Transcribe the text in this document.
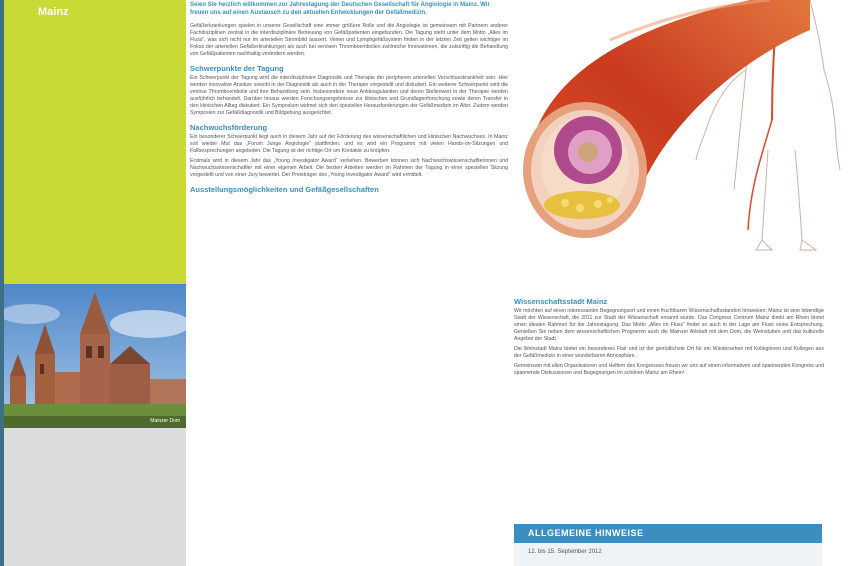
Mainz
Mainzer Dom
Seien Sie herzlich willkommen zur Jahrestagung der Deutschen Gesellschaft für Angiologie in Mainz. Wir freuen uns auf einen Austausch zu den aktuellen Entwicklungen der Gefäßmedizin.
Gefäßerkrankungen spielen in unserer Gesellschaft eine immer größere Rolle und die Angiologie ist gemeinsam mit Partnern anderer Fachdisziplinen zentral in die interdisziplinäre Betreuung von Gefäßpatienten eingebunden. Die Tagung steht unter dem Motto „Alles im Fluss“, was sich nicht nur im arteriellen Strombild äussert. Venen und Lymphgefäßsystem finden in der letzten Zeit gelten wichtiger im Fokus der arteriellen Gefäßerkrankungen als auch bei venösen Thromboembolien zahlreiche Innovationen, die zukünftig die Behandlung von Gefäßpatienten nachhaltig verändern werden.
Schwerpunkte der Tagung
Ein Schwerpunkt der Tagung wird die interdisziplinäre Diagnostik und Therapie der peripheren arteriellen Verschlusskrankheit sein. Hier werden innovative Ansätze sowohl in der Diagnostik als auch in der Therapie vorgestellt und diskutiert. Ein weiterer Schwerpunkt wird die venöse Thromboembolie und ihre Behandlung sein. Insbesondere neue Antikoagulantien und deren Stellenwert in der Therapie werden ausführlich behandelt. Darüber hinaus werden Forschungsergebnisse zur klinischen und Grundlagenforschung sowie deren Transfer in den klinischen Alltag diskutiert. Ein Symposium widmet sich den speziellen Herausforderungen der Gefäßmedizin im Alter. Zudem werden Symposien zur Gefäßdiagnostik und Bildgebung ausgerichtet.
Nachwuchsförderung
Ein besonderer Schwerpunkt liegt auch in diesem Jahr auf der Förderung des wissenschaftlichen und klinischen Nachwuchses. In Mainz soll wieder Mut das „Forum Junge Angiologie“ stattfinden, und es wird ein Programm mit vielen Hands-on-Sitzungen und Fallbesprechungen angeboten. Die Tagung ist der richtige Ort um Kontakte zu knüpfen.
Erstmals wird in diesem Jahr das „Young Investigator Award“ verliehen. Bewerben können sich Nachwuchswissenschaftlerinnen und Nachwuchswissenschaftler mit einer eigenen Arbeit. Die besten Arbeiten werden im Rahmen der Tagung in einer speziellen Sitzung vorgestellt und von einer Jury bewertet. Der Preisträger des „Young Investigator Award“ wird ermittelt.
Ausstellungsmöglichkeiten und Gefäßgesellschaften
Wissenschaftsstadt Mainz
Wir möchten auf einen interessanten Begegnungsort und einen fruchtbaren Wissenschaftsstandort hinweisen: Mainz ist eine lebendige Stadt der Wissenschaft, die 2011 zur Stadt der Wissenschaft ernannt wurde. Das Congress Centrum Mainz direkt am Rhein bietet einen idealen Rahmen für die Jahrestagung. Das Motto „Alles im Fluss“ findet so auch in der Lage am Fluss seine Entsprechung. Genießen Sie neben dem wissenschaftlichen Programm auch die Mainzer Altstadt mit dem Dom, die Weinstuben und das kulturelle Angebot der Stadt.
Die Weinstadt Mainz bietet ein besonderes Flair und ist der gemütlichste Ort für ein Wiedersehen mit Kolleginnen und Kollegen aus der Gefäßmedizin in einer wunderbaren Atmosphäre.
Gemeinsam mit allen Organisatoren und Helfern des Kongresses freuen wir uns auf einen informativen und spannenden Kongress und spannende Diskussionen und Begegnungen im schönen Mainz am Rhein!
ALLGEMEINE HINWEISE
12. bis 15. September 2012
